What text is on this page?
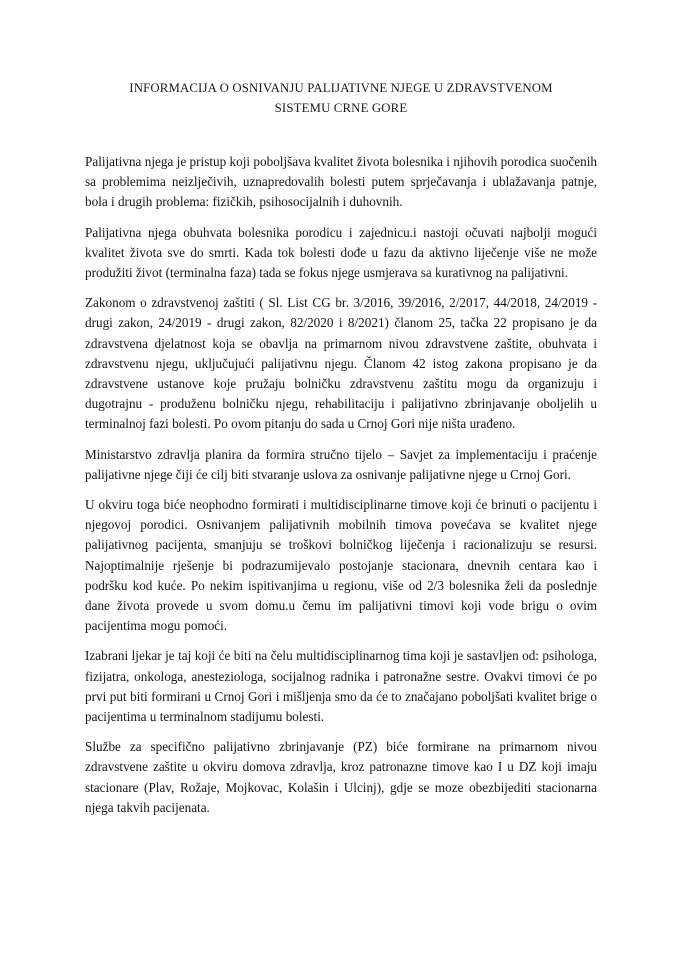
INFORMACIJA O OSNIVANJU PALIJATIVNE NJEGE U ZDRAVSTVENOM
SISTEMU CRNE GORE

Palijativna njega je pristup koji poboljšava kvalitet života bolesnika i njihovih porodica suočenih sa problemima neizlječivih, uznapredovalih bolesti putem sprječavanja i ublažavanja patnje, bola i drugih problema: fizičkih, psihosocijalnih i duhovnih.

Palijativna njega obuhvata bolesnika porodicu i zajednicu.i nastoji očuvati najbolji mogući kvalitet života sve do smrti. Kada tok bolesti dođe u fazu da aktivno liječenje više ne može produžiti život (terminalna faza) tada se fokus njege usmjerava sa kurativnog na palijativni.

Zakonom o zdravstvenoj zaštiti ( Sl. List CG br. 3/2016, 39/2016, 2/2017, 44/2018, 24/2019 - drugi zakon, 24/2019 - drugi zakon, 82/2020 i 8/2021) članom 25, tačka 22 propisano je da zdravstvena djelatnost koja se obavlja na primarnom nivou zdravstvene zaštite, obuhvata i zdravstvenu njegu, uključujući palijativnu njegu. Članom 42 istog zakona propisano je da zdravstvene ustanove koje pružaju bolničku zdravstvenu zaštitu mogu da organizuju i dugotrajnu - produženu bolničku njegu, rehabilitaciju i palijativno zbrinjavanje oboljelih u terminalnoj fazi bolesti. Po ovom pitanju do sada u Crnoj Gori nije ništa urađeno.

Ministarstvo zdravlja planira da formira stručno tijelo – Savjet za implementaciju i praćenje palijativne njege čiji će cilj biti stvaranje uslova za osnivanje palijativne njege u Crnoj Gori.

U okviru toga biće neophodno formirati i multidisciplinarne timove koji će brinuti o pacijentu i njegovoj porodici. Osnivanjem palijativnih mobilnih timova povećava se kvalitet njege palijativnog pacijenta, smanjuju se troškovi bolničkog liječenja i racionalizuju se resursi. Najoptimalnije rješenje bi podrazumijevalo postojanje stacionara, dnevnih centara kao i podršku kod kuće. Po nekim ispitivanjima u regionu, više od 2/3 bolesnika želi da poslednje dane života provede u svom domu.u čemu im palijativni timovi koji vode brigu o ovim pacijentima mogu pomoći.

Izabrani ljekar je taj koji će biti na čelu multidisciplinarnog tima koji je sastavljen od: psihologa, fizijatra, onkologa, anesteziologa, socijalnog radnika i patronažne sestre. Ovakvi timovi će po prvi put biti formirani u Crnoj Gori i mišljenja smo da će to značajano poboljšati kvalitet brige o pacijentima u terminalnom stadijumu bolesti.

Službe za specifično palijativno zbrinjavanje (PZ) biće formirane na primarnom nivou zdravstvene zaštite u okviru domova zdravlja, kroz patronazne timove kao I u DZ koji imaju stacionare (Plav, Rožaje, Mojkovac, Kolašin i Ulcinj), gdje se moze obezbijediti stacionarna njega takvih pacijenata.
